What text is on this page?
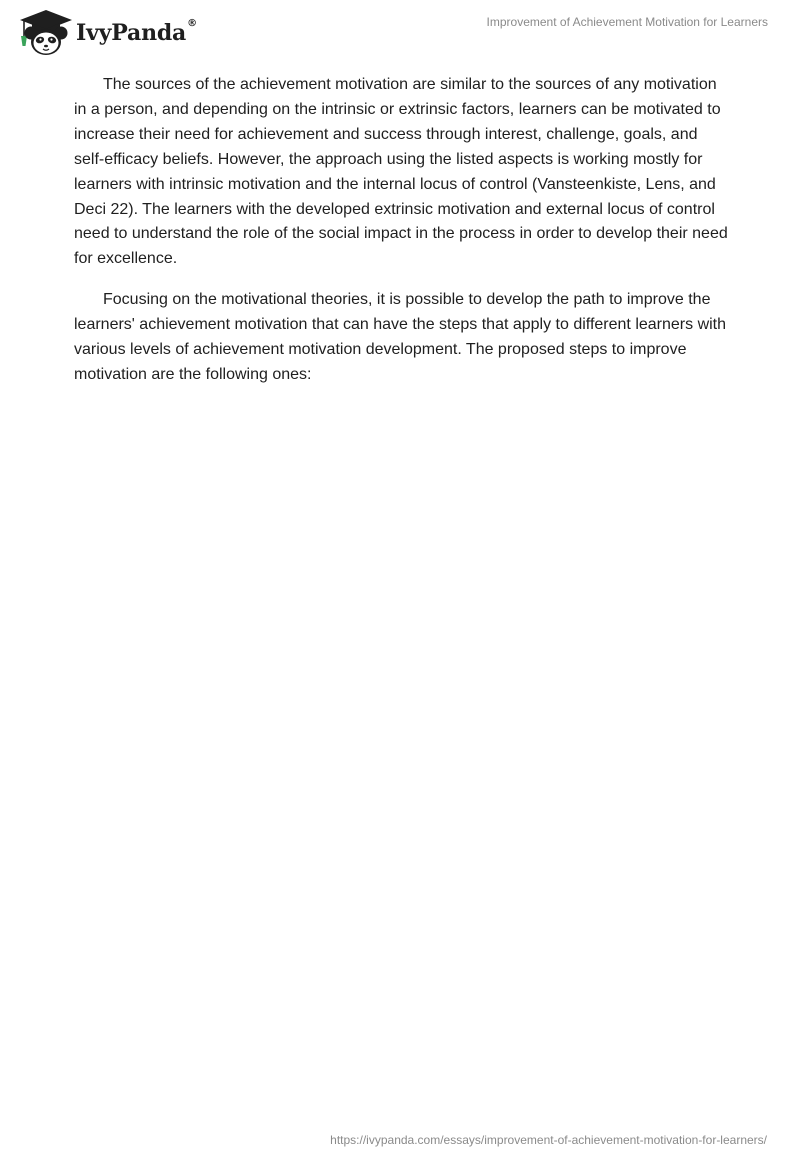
IvyPanda®	Improvement of Achievement Motivation for Learners

The sources of the achievement motivation are similar to the sources of any motivation in a person, and depending on the intrinsic or extrinsic factors, learners can be motivated to increase their need for achievement and success through interest, challenge, goals, and self-efficacy beliefs. However, the approach using the listed aspects is working mostly for learners with intrinsic motivation and the internal locus of control (Vansteenkiste, Lens, and Deci 22). The learners with the developed extrinsic motivation and external locus of control need to understand the role of the social impact in the process in order to develop their need for excellence.

Focusing on the motivational theories, it is possible to develop the path to improve the learners' achievement motivation that can have the steps that apply to different learners with various levels of achievement motivation development. The proposed steps to improve motivation are the following ones:

https://ivypanda.com/essays/improvement-of-achievement-motivation-for-learners/
